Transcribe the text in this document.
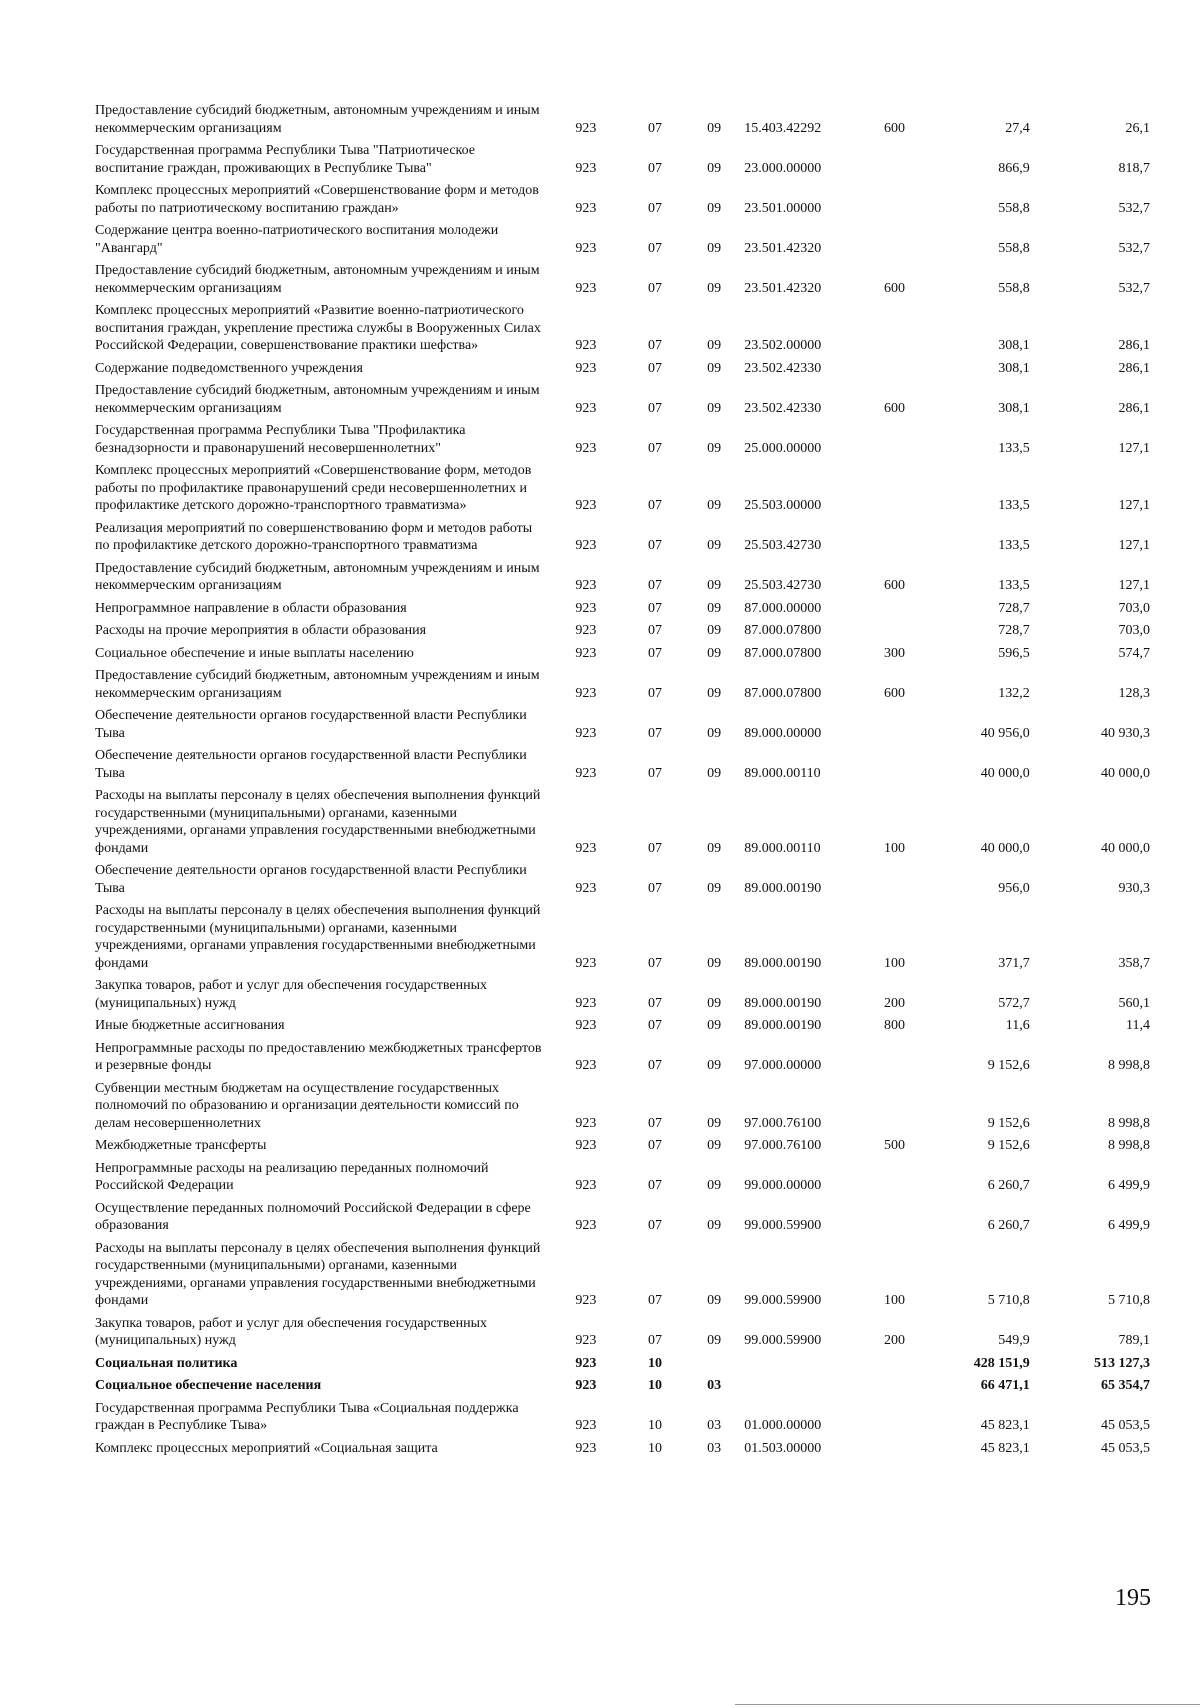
Предоставление субсидий бюджетным, автономным учреждениям и иным некоммерческим организациям	923	07	09	15.403.42292	600	27,4	26,1
Государственная программа Республики Тыва "Патриотическое воспитание граждан, проживающих в Республике Тыва"	923	07	09	23.000.00000		866,9	818,7
Комплекс процессных мероприятий «Совершенствование форм и методов работы по патриотическому воспитанию граждан»	923	07	09	23.501.00000		558,8	532,7
Содержание центра военно-патриотического воспитания молодежи "Авангард"	923	07	09	23.501.42320		558,8	532,7
Предоставление субсидий бюджетным, автономным учреждениям и иным некоммерческим организациям	923	07	09	23.501.42320	600	558,8	532,7
Комплекс процессных мероприятий «Развитие военно-патриотического воспитания граждан, укрепление престижа службы в Вооруженных Силах Российской Федерации, совершенствование практики шефства»	923	07	09	23.502.00000		308,1	286,1
Содержание подведомственного учреждения	923	07	09	23.502.42330		308,1	286,1
Предоставление субсидий бюджетным, автономным учреждениям и иным некоммерческим организациям	923	07	09	23.502.42330	600	308,1	286,1
Государственная программа Республики Тыва "Профилактика безнадзорности и правонарушений несовершеннолетних"	923	07	09	25.000.00000		133,5	127,1
Комплекс процессных мероприятий «Совершенствование форм, методов работы по профилактике правонарушений среди несовершеннолетних и профилактике детского дорожно-транспортного травматизма»	923	07	09	25.503.00000		133,5	127,1
Реализация мероприятий по совершенствованию форм и методов работы по профилактике детского дорожно-транспортного травматизма	923	07	09	25.503.42730		133,5	127,1
Предоставление субсидий бюджетным, автономным учреждениям и иным некоммерческим организациям	923	07	09	25.503.42730	600	133,5	127,1
Непрограммное направление в области образования	923	07	09	87.000.00000		728,7	703,0
Расходы на прочие мероприятия в области образования	923	07	09	87.000.07800		728,7	703,0
Социальное обеспечение и иные выплаты населению	923	07	09	87.000.07800	300	596,5	574,7
Предоставление субсидий бюджетным, автономным учреждениям и иным некоммерческим организациям	923	07	09	87.000.07800	600	132,2	128,3
Обеспечение деятельности органов государственной власти Республики Тыва	923	07	09	89.000.00000		40 956,0	40 930,3
Обеспечение деятельности органов государственной власти Республики Тыва	923	07	09	89.000.00110		40 000,0	40 000,0
Расходы на выплаты персоналу в целях обеспечения выполнения функций государственными (муниципальными) органами, казенными учреждениями, органами управления государственными внебюджетными фондами	923	07	09	89.000.00110	100	40 000,0	40 000,0
Обеспечение деятельности органов государственной власти Республики Тыва	923	07	09	89.000.00190		956,0	930,3
Расходы на выплаты персоналу в целях обеспечения выполнения функций государственными (муниципальными) органами, казенными учреждениями, органами управления государственными внебюджетными фондами	923	07	09	89.000.00190	100	371,7	358,7
Закупка товаров, работ и услуг для обеспечения государственных (муниципальных) нужд	923	07	09	89.000.00190	200	572,7	560,1
Иные бюджетные ассигнования	923	07	09	89.000.00190	800	11,6	11,4
Непрограммные расходы по предоставлению межбюджетных трансфертов и резервные фонды	923	07	09	97.000.00000		9 152,6	8 998,8
Субвенции местным бюджетам на осуществление государственных полномочий по образованию и организации деятельности комиссий по делам несовершеннолетних	923	07	09	97.000.76100		9 152,6	8 998,8
Межбюджетные трансферты	923	07	09	97.000.76100	500	9 152,6	8 998,8
Непрограммные расходы на реализацию переданных полномочий Российской Федерации	923	07	09	99.000.00000		6 260,7	6 499,9
Осуществление переданных полномочий Российской Федерации в сфере образования	923	07	09	99.000.59900		6 260,7	6 499,9
Расходы на выплаты персоналу в целях обеспечения выполнения функций государственными (муниципальными) органами, казенными учреждениями, органами управления государственными внебюджетными фондами	923	07	09	99.000.59900	100	5 710,8	5 710,8
Закупка товаров, работ и услуг для обеспечения государственных (муниципальных) нужд	923	07	09	99.000.59900	200	549,9	789,1
Социальная политика	923	10				428 151,9	513 127,3
Социальное обеспечение населения	923	10	03			66 471,1	65 354,7
Государственная программа Республики Тыва «Социальная поддержка граждан в Республике Тыва»	923	10	03	01.000.00000		45 823,1	45 053,5
Комплекс процессных мероприятий «Социальная защита	923	10	03	01.503.00000		45 823,1	45 053,5
195
